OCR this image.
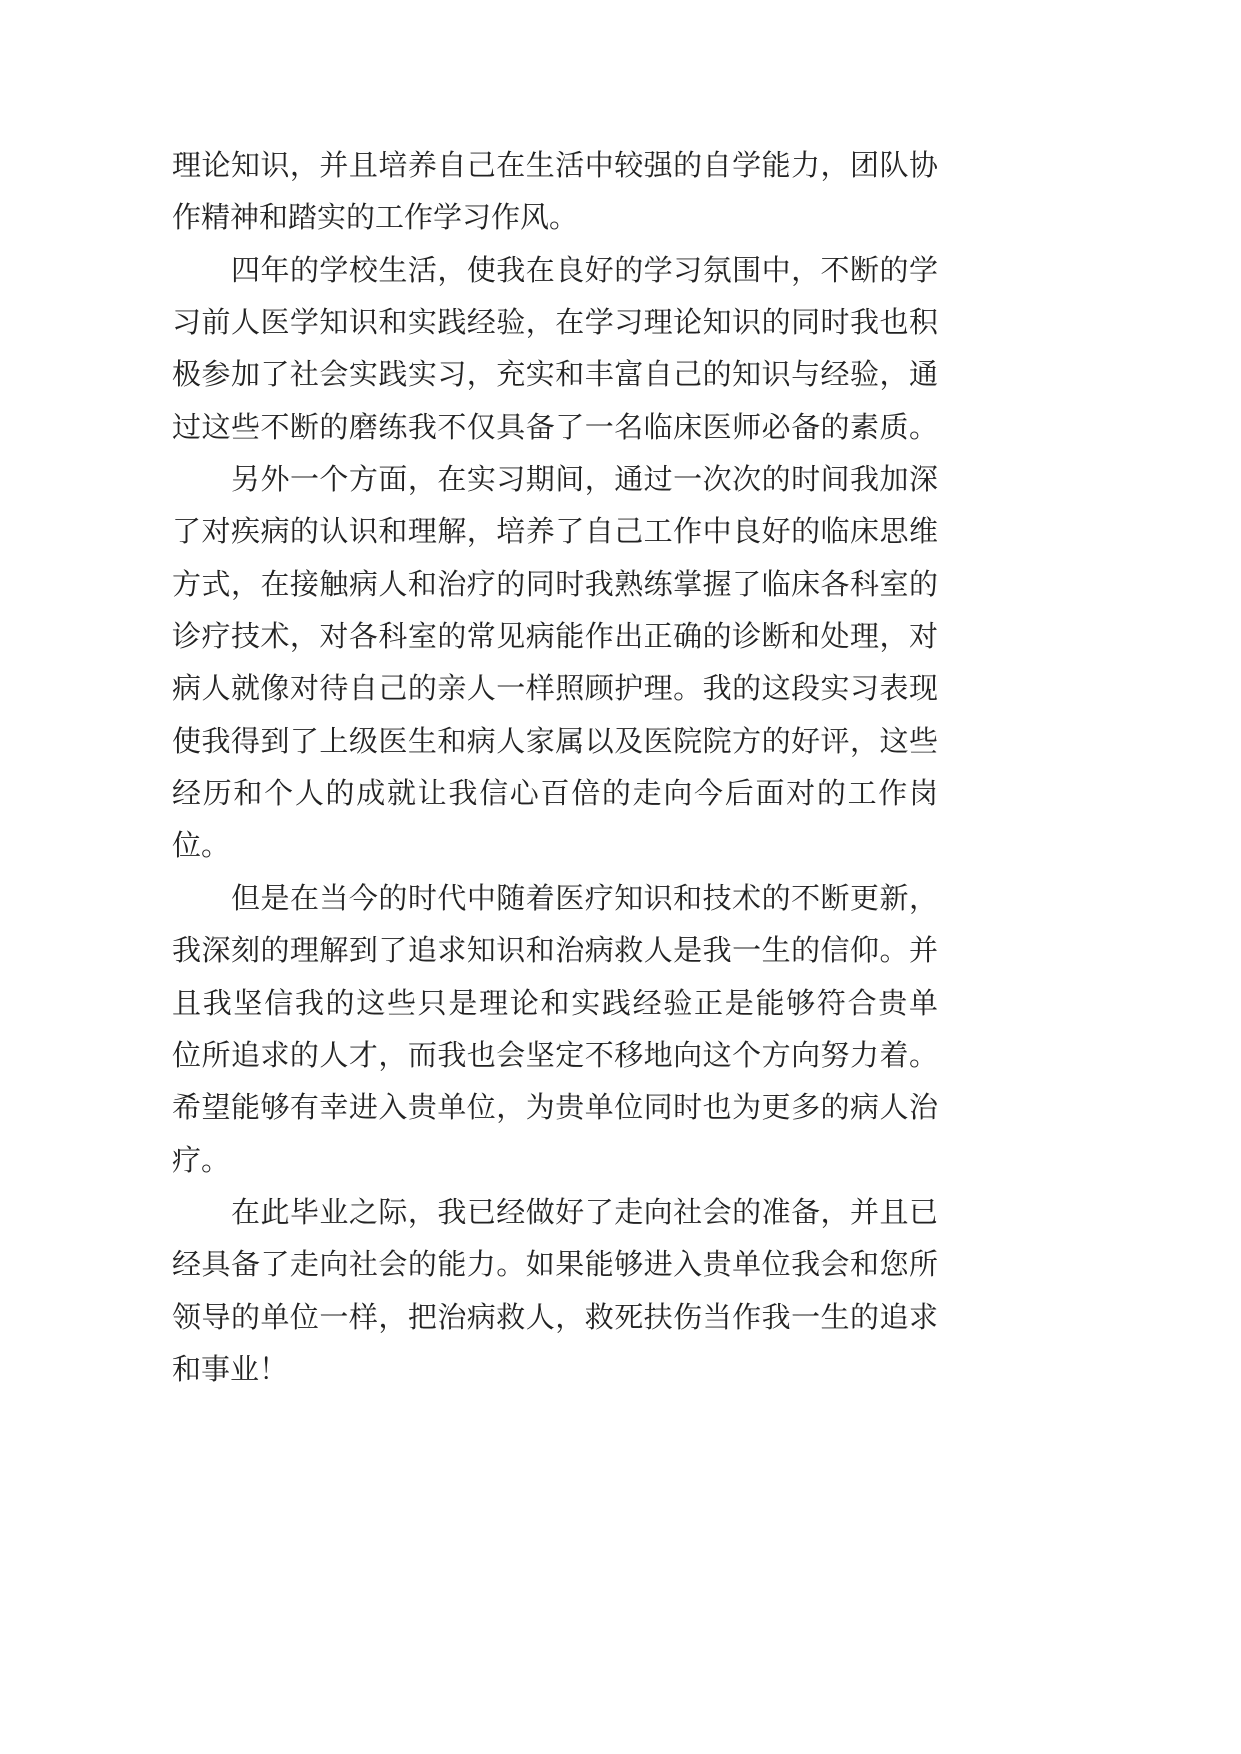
理论知识，并且培养自己在生活中较强的自学能力，团队协
作精神和踏实的工作学习作风。
四年的学校生活，使我在良好的学习氛围中，不断的学
习前人医学知识和实践经验，在学习理论知识的同时我也积
极参加了社会实践实习，充实和丰富自己的知识与经验，通
过这些不断的磨练我不仅具备了一名临床医师必备的素质。
另外一个方面，在实习期间，通过一次次的时间我加深
了对疾病的认识和理解，培养了自己工作中良好的临床思维
方式，在接触病人和治疗的同时我熟练掌握了临床各科室的
诊疗技术，对各科室的常见病能作出正确的诊断和处理，对
病人就像对待自己的亲人一样照顾护理。我的这段实习表现
使我得到了上级医生和病人家属以及医院院方的好评，这些
经历和个人的成就让我信心百倍的走向今后面对的工作岗
位。
但是在当今的时代中随着医疗知识和技术的不断更新，
我深刻的理解到了追求知识和治病救人是我一生的信仰。并
且我坚信我的这些只是理论和实践经验正是能够符合贵单
位所追求的人才，而我也会坚定不移地向这个方向努力着。
希望能够有幸进入贵单位，为贵单位同时也为更多的病人治
疗。
在此毕业之际，我已经做好了走向社会的准备，并且已
经具备了走向社会的能力。如果能够进入贵单位我会和您所
领导的单位一样，把治病救人，救死扶伤当作我一生的追求
和事业！
